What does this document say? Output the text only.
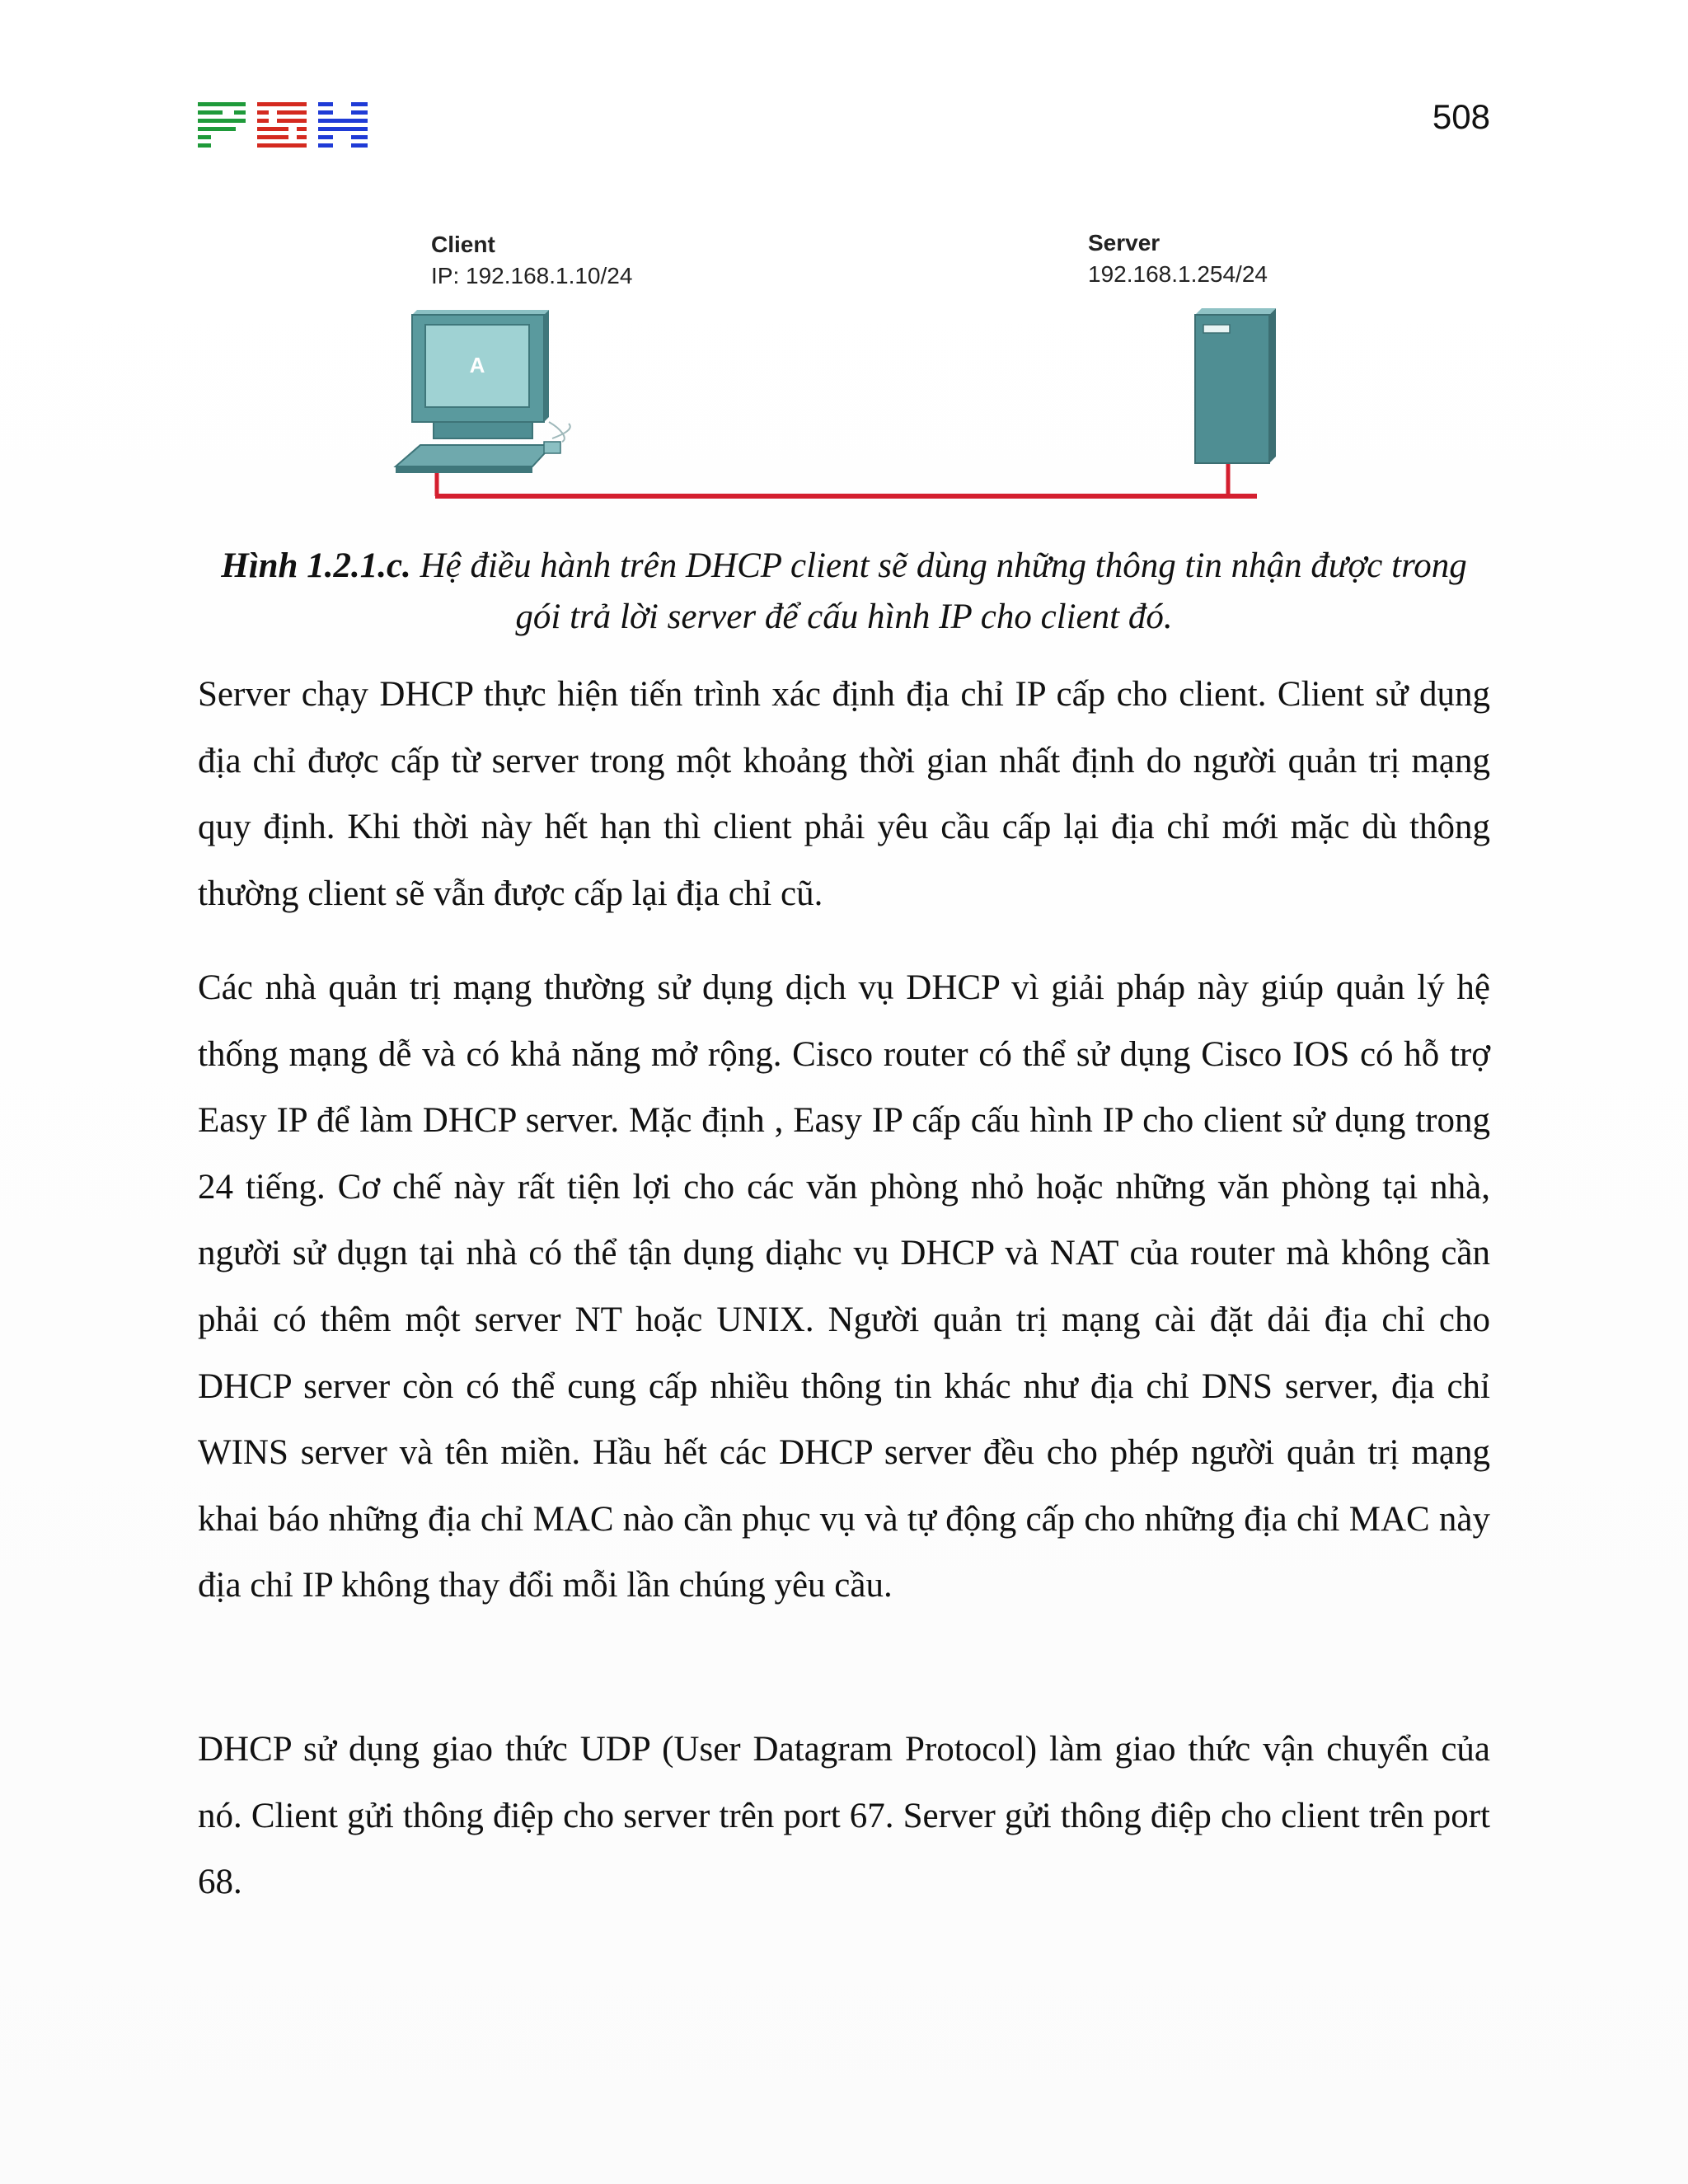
508
A
Client
IP: 192.168.1.10/24
Server
192.168.1.254/24
Hình 1.2.1.c. Hệ điều hành trên DHCP client sẽ dùng những thông tin nhận được trong gói trả lời server để cấu hình IP cho client đó.

Server chạy DHCP thực hiện tiến trình xác định địa chỉ IP cấp cho client. Client sử dụng địa chỉ được cấp từ server trong một khoảng thời gian nhất định do người quản trị mạng quy định. Khi thời này hết hạn thì client phải yêu cầu cấp lại địa chỉ mới mặc dù thông thường client sẽ vẫn được cấp lại địa chỉ cũ.

Các nhà quản trị mạng thường sử dụng dịch vụ DHCP vì giải pháp này giúp quản lý hệ thống mạng dễ và có khả năng mở rộng. Cisco router có thể sử dụng Cisco IOS có hỗ trợ Easy IP để làm DHCP server. Mặc định , Easy IP cấp cấu hình IP cho client sử dụng trong 24 tiếng. Cơ chế này rất tiện lợi cho các văn phòng nhỏ hoặc những văn phòng tại nhà, người sử dụgn tại nhà có thể tận dụng diạhc vụ DHCP và NAT của router mà không cần phải có thêm một server NT hoặc UNIX. Người quản trị mạng cài đặt dải địa chỉ cho DHCP server còn có thể cung cấp nhiều thông tin khác như địa chỉ DNS server, địa chỉ WINS server và tên miền. Hầu hết các DHCP server đều cho phép người quản trị mạng khai báo những địa chỉ MAC nào cần phục vụ và tự động cấp cho những địa chỉ MAC này địa chỉ IP không thay đổi mỗi lần chúng yêu cầu.

DHCP sử dụng giao thức UDP (User Datagram Protocol) làm giao thức vận chuyển của nó. Client gửi thông điệp cho server trên port 67. Server gửi thông điệp cho client trên port 68.
